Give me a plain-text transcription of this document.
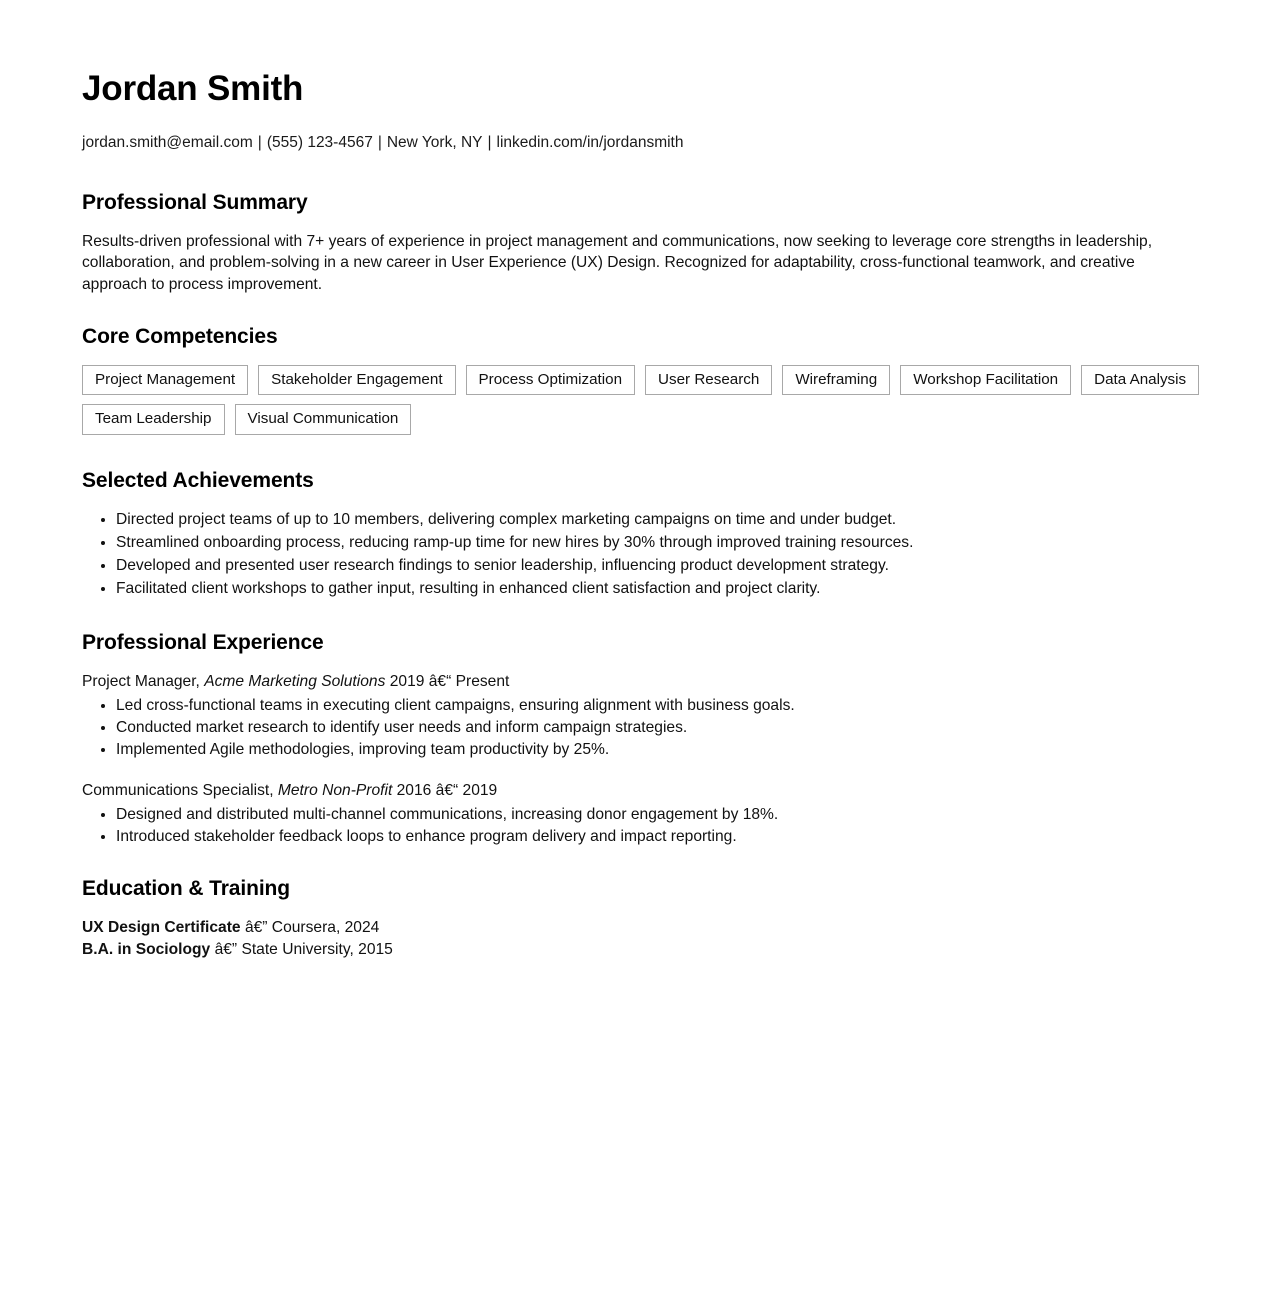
Jordan Smith
jordan.smith@email.com | (555) 123-4567 | New York, NY | linkedin.com/in/jordansmith
Professional Summary

Results-driven professional with 7+ years of experience in project management and communications, now seeking to leverage core strengths in leadership, collaboration, and problem-solving in a new career in User Experience (UX) Design. Recognized for adaptability, cross-functional teamwork, and creative approach to process improvement.

Core Competencies
Project Management	Stakeholder Engagement	Process Optimization	User Research	Wireframing	Workshop Facilitation	Data Analysis
Team Leadership	Visual Communication
Selected Achievements
• Directed project teams of up to 10 members, delivering complex marketing campaigns on time and under budget.
• Streamlined onboarding process, reducing ramp-up time for new hires by 30% through improved training resources.
• Developed and presented user research findings to senior leadership, influencing product development strategy.
• Facilitated client workshops to gather input, resulting in enhanced client satisfaction and project clarity.
Professional Experience

Project Manager, Acme Marketing Solutions 2019 â€“ Present

• Led cross-functional teams in executing client campaigns, ensuring alignment with business goals.
• Conducted market research to identify user needs and inform campaign strategies.
• Implemented Agile methodologies, improving team productivity by 25%.

Communications Specialist, Metro Non-Profit 2016 â€“ 2019

• Designed and distributed multi-channel communications, increasing donor engagement by 18%.
• Introduced stakeholder feedback loops to enhance program delivery and impact reporting.
Education & Training

UX Design Certificate â€” Coursera, 2024

B.A. in Sociology â€” State University, 2015
